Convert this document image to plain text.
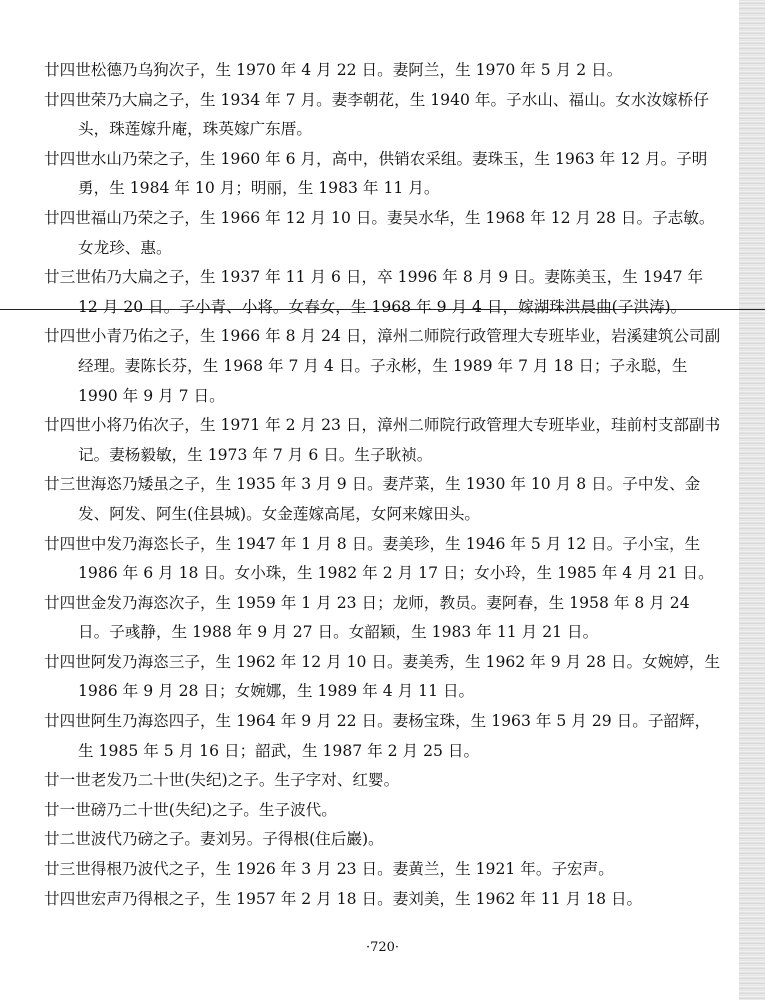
廿四世松德乃乌狗次子，生 1970 年 4 月 22 日。妻阿兰，生 1970 年 5 月 2 日。

廿四世荣乃大扁之子，生 1934 年 7 月。妻李朝花，生 1940 年。子水山、福山。女水汝嫁桥仔头，珠莲嫁升庵，珠英嫁广东厝。

廿四世水山乃荣之子，生 1960 年 6 月，高中，供销农采组。妻珠玉，生 1963 年 12 月。子明勇，生 1984 年 10 月；明丽，生 1983 年 11 月。

廿四世福山乃荣之子，生 1966 年 12 月 10 日。妻吴水华，生 1968 年 12 月 28 日。子志敏。女龙珍、惠。

廿三世佑乃大扁之子，生 1937 年 11 月 6 日，卒 1996 年 8 月 9 日。妻陈美玉，生 1947 年 12 月 20 日。子小青、小将。女春女，生 1968 年 9 月 4 日，嫁湖珠洪晨曲(子洪涛)。

廿四世小青乃佑之子，生 1966 年 8 月 24 日，漳州二师院行政管理大专班毕业，岩溪建筑公司副经理。妻陈长芬，生 1968 年 7 月 4 日。子永彬，生 1989 年 7 月 18 日；子永聪，生 1990 年 9 月 7 日。

廿四世小将乃佑次子，生 1971 年 2 月 23 日，漳州二师院行政管理大专班毕业，珪前村支部副书记。妻杨毅敏，生 1973 年 7 月 6 日。生子耿祯。

廿三世海恣乃矮虽之子，生 1935 年 3 月 9 日。妻芹菜，生 1930 年 10 月 8 日。子中发、金发、阿发、阿生(住县城)。女金莲嫁高尾，女阿来嫁田头。

廿四世中发乃海恣长子，生 1947 年 1 月 8 日。妻美珍，生 1946 年 5 月 12 日。子小宝，生 1986 年 6 月 18 日。女小珠，生 1982 年 2 月 17 日；女小玲，生 1985 年 4 月 21 日。

廿四世金发乃海恣次子，生 1959 年 1 月 23 日；龙师，教员。妻阿春，生 1958 年 8 月 24 日。子彧静，生 1988 年 9 月 27 日。女韶颖，生 1983 年 11 月 21 日。

廿四世阿发乃海恣三子，生 1962 年 12 月 10 日。妻美秀，生 1962 年 9 月 28 日。女婉婷，生 1986 年 9 月 28 日；女婉娜，生 1989 年 4 月 11 日。

廿四世阿生乃海恣四子，生 1964 年 9 月 22 日。妻杨宝珠，生 1963 年 5 月 29 日。子韶辉，生 1985 年 5 月 16 日；韶武，生 1987 年 2 月 25 日。

廿一世老发乃二十世(失纪)之子。生子字对、红婴。

廿一世磅乃二十世(失纪)之子。生子波代。

廿二世波代乃磅之子。妻刘另。子得根(住后巖)。

廿三世得根乃波代之子，生 1926 年 3 月 23 日。妻黄兰，生 1921 年。子宏声。

廿四世宏声乃得根之子，生 1957 年 2 月 18 日。妻刘美，生 1962 年 11 月 18 日。

·720·
